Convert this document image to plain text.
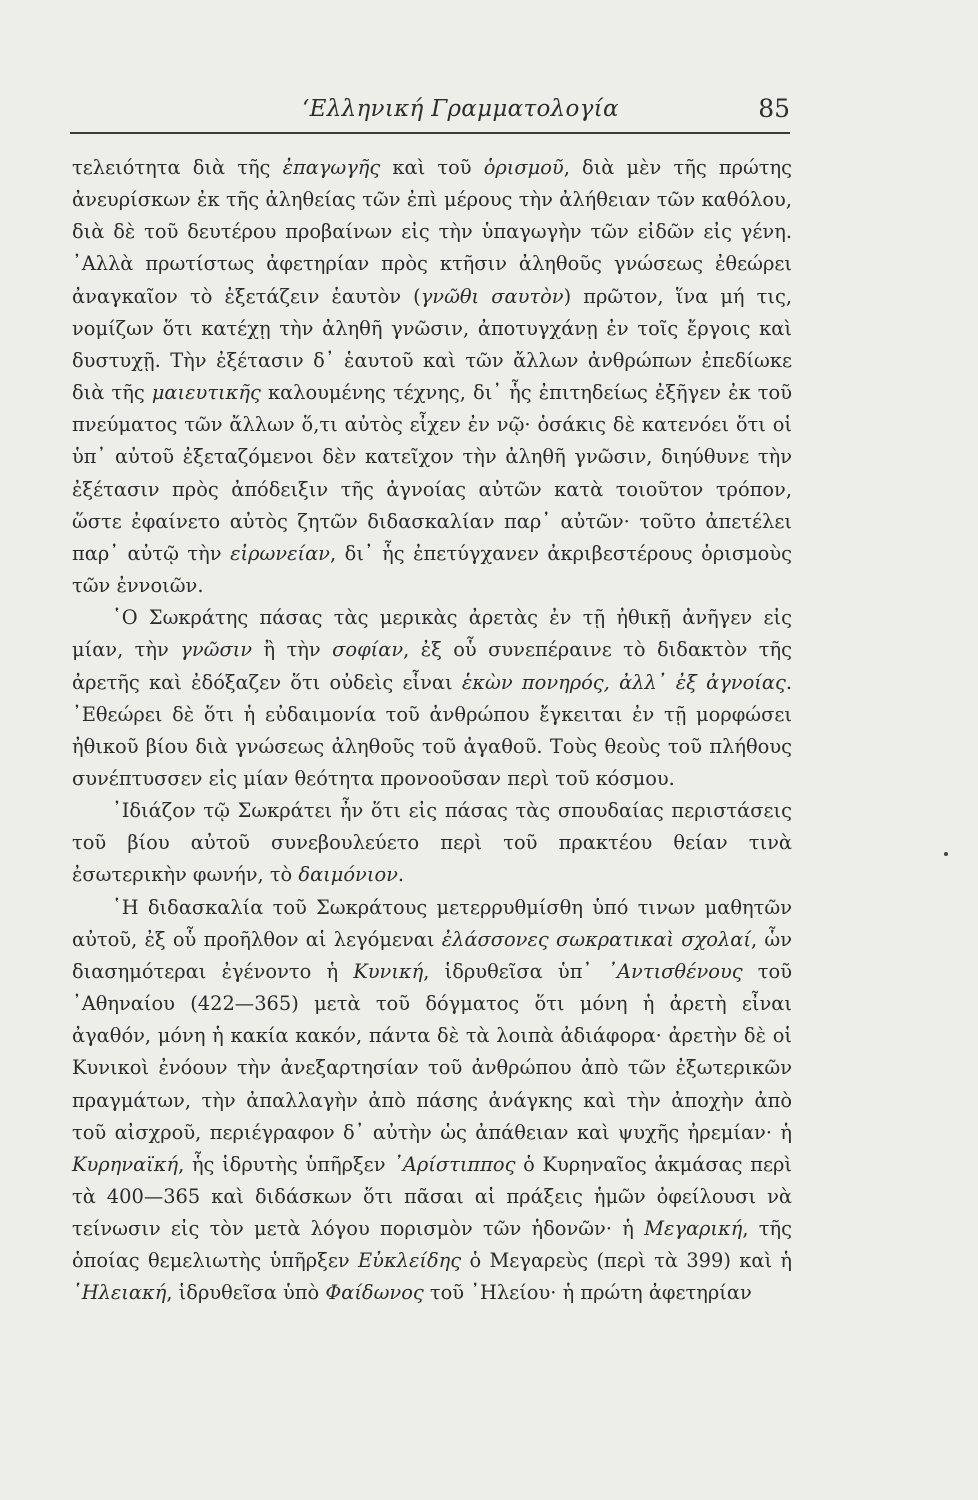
‘Ελληνική Γραμματολογία	85

τελειότητα διὰ τῆς ἐπαγωγῆς καὶ τοῦ ὁρισμοῦ, διὰ μὲν τῆς πρώτης ἀνευρίσκων ἐκ τῆς ἀληθείας τῶν ἐπὶ μέρους τὴν ἀλήθειαν τῶν καθόλου, διὰ δὲ τοῦ δευτέρου προβαίνων εἰς τὴν ὑπαγωγὴν τῶν εἰδῶν εἰς γένη. ᾿Αλλὰ πρωτίστως ἀφετηρίαν πρὸς κτῆσιν ἀληθοῦς γνώσεως ἐθεώρει ἀναγκαῖον τὸ ἐξετάζειν ἑαυτὸν (γνῶθι σαυτὸν) πρῶτον, ἵνα μή τις, νομίζων ὅτι κατέχῃ τὴν ἀληθῆ γνῶσιν, ἀποτυγχάνῃ ἐν τοῖς ἔργοις καὶ δυστυχῇ. Τὴν ἐξέτασιν δ᾿ ἑαυτοῦ καὶ τῶν ἄλλων ἀνθρώπων ἐπεδίωκε διὰ τῆς μαιευτικῆς καλουμένης τέχνης, δι᾿ ἧς ἐπιτηδείως ἐξῆγεν ἐκ τοῦ πνεύματος τῶν ἄλλων ὅ,τι αὐτὸς εἶχεν ἐν νῷ· ὁσάκις δὲ κατενόει ὅτι οἱ ὑπ᾿ αὐτοῦ ἐξεταζόμενοι δὲν κατεῖχον τὴν ἀληθῆ γνῶσιν, διηύθυνε τὴν ἐξέτασιν πρὸς ἀπόδειξιν τῆς ἀγνοίας αὐτῶν κατὰ τοιοῦτον τρόπον, ὥστε ἐφαίνετο αὐτὸς ζητῶν διδασκαλίαν παρ᾿ αὐτῶν· τοῦτο ἀπετέλει παρ᾿ αὐτῷ τὴν εἰρωνείαν, δι᾿ ἧς ἐπετύγχανεν ἀκριβεστέρους ὁρισμοὺς τῶν ἐννοιῶν.

῾Ο Σωκράτης πάσας τὰς μερικὰς ἀρετὰς ἐν τῇ ἠθικῇ ἀνῆγεν εἰς μίαν, τὴν γνῶσιν ἢ τὴν σοφίαν, ἐξ οὗ συνεπέραινε τὸ διδακτὸν τῆς ἀρετῆς καὶ ἐδόξαζεν ὅτι οὐδεὶς εἶναι ἑκὼν πονηρός, ἀλλ᾿ ἐξ ἀγνοίας. ᾿Εθεώρει δὲ ὅτι ἡ εὐδαιμονία τοῦ ἀνθρώπου ἔγκειται ἐν τῇ μορφώσει ἠθικοῦ βίου διὰ γνώσεως ἀληθοῦς τοῦ ἀγαθοῦ. Τοὺς θεοὺς τοῦ πλήθους συνέπτυσσεν εἰς μίαν θεότητα προνοοῦσαν περὶ τοῦ κόσμου.

᾿Ιδιάζον τῷ Σωκράτει ἦν ὅτι εἰς πάσας τὰς σπουδαίας περιστάσεις τοῦ βίου αὐτοῦ συνεβουλεύετο περὶ τοῦ πρακτέου θείαν τινὰ ἐσωτερικὴν φωνήν, τὸ δαιμόνιον.

῾Η διδασκαλία τοῦ Σωκράτους μετερρυθμίσθη ὑπό τινων μαθητῶν αὐτοῦ, ἐξ οὗ προῆλθον αἱ λεγόμεναι ἐλάσσονες σωκρατικαὶ σχολαί, ὧν διασημότεραι ἐγένοντο ἡ Κυνική, ἱδρυθεῖσα ὑπ᾿ ᾿Αντισθένους τοῦ ᾿Αθηναίου (422—365) μετὰ τοῦ δόγματος ὅτι μόνη ἡ ἀρετὴ εἶναι ἀγαθόν, μόνη ἡ κακία κακόν, πάντα δὲ τὰ λοιπὰ ἀδιάφορα· ἀρετὴν δὲ οἱ Κυνικοὶ ἐνόουν τὴν ἀνεξαρτησίαν τοῦ ἀνθρώπου ἀπὸ τῶν ἐξωτερικῶν πραγμάτων, τὴν ἀπαλλαγὴν ἀπὸ πάσης ἀνάγκης καὶ τὴν ἀποχὴν ἀπὸ τοῦ αἰσχροῦ, περιέγραφον δ᾿ αὐτὴν ὡς ἀπάθειαν καὶ ψυχῆς ἠρεμίαν· ἡ Κυρηναϊκή, ἧς ἱδρυτὴς ὑπῆρξεν ᾿Αρίστιππος ὁ Κυρηναῖος ἀκμάσας περὶ τὰ 400—365 καὶ διδάσκων ὅτι πᾶσαι αἱ πράξεις ἡμῶν ὀφείλουσι νὰ τείνωσιν εἰς τὸν μετὰ λόγου πορισμὸν τῶν ἡδονῶν· ἡ Μεγαρική, τῆς ὁποίας θεμελιωτὴς ὑπῆρξεν Εὐκλείδης ὁ Μεγαρεὺς (περὶ τὰ 399) καὶ ἡ ῾Ηλειακή, ἱδρυθεῖσα ὑπὸ Φαίδωνος τοῦ ᾿Ηλείου· ἡ πρώτη ἀφετηρίαν
